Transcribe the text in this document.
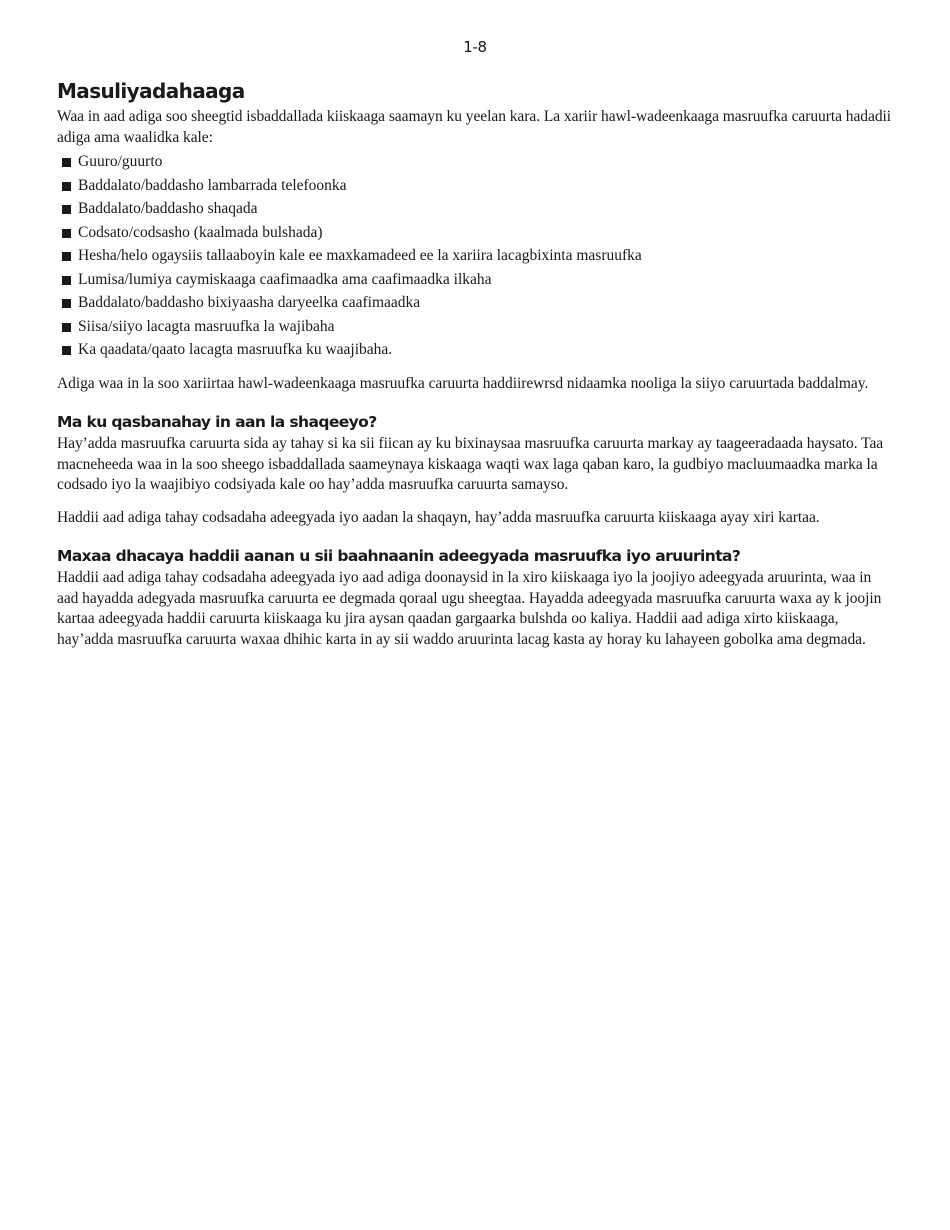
1-8
Masuliyadahaaga

Waa in aad adiga soo sheegtid isbaddallada kiiskaaga saamayn ku yeelan kara. La xariir hawl-wadeenkaaga masruufka caruurta hadadii adiga ama waalidka kale:

Guuro/guurto
Baddalato/baddasho lambarrada telefoonka
Baddalato/baddasho shaqada
Codsato/codsasho (kaalmada bulshada)
Hesha/helo ogaysiis tallaaboyin kale ee maxkamadeed ee la xariira lacagbixinta masruufka
Lumisa/lumiya caymiskaaga caafimaadka ama caafimaadka ilkaha
Baddalato/baddasho bixiyaasha daryeelka caafimaadka
Siisa/siiyo lacagta masruufka la wajibaha
Ka qaadata/qaato lacagta masruufka ku waajibaha.

Adiga waa in la soo xariirtaa hawl-wadeenkaaga masruufka caruurta haddiirewrsd nidaamka nooliga la siiyo caruurtada baddalmay.

Ma ku qasbanahay in aan la shaqeeyo?

Hay’adda masruufka caruurta sida ay tahay si ka sii fiican ay ku bixinaysaa masruufka caruurta markay ay taageeradaada haysato. Taa macneheeda waa in la soo sheego isbaddallada saameynaya kiskaaga waqti wax laga qaban karo, la gudbiyo macluumaadka marka la codsado iyo la waajibiyo codsiyada kale oo hay’adda masruufka caruurta samayso.

Haddii aad adiga tahay codsadaha adeegyada iyo aadan la shaqayn, hay’adda masruufka caruurta kiiskaaga ayay xiri kartaa.

Maxaa dhacaya haddii aanan u sii baahnaanin adeegyada masruufka iyo aruurinta?

Haddii aad adiga tahay codsadaha adeegyada iyo aad adiga doonaysid in la xiro kiiskaaga iyo la joojiyo adeegyada aruurinta, waa in aad hayadda adegyada masruufka caruurta ee degmada qoraal ugu sheegtaa. Hayadda adeegyada masruufka caruurta waxa ay k joojin kartaa adeegyada haddii caruurta kiiskaaga ku jira aysan qaadan gargaarka bulshda oo kaliya. Haddii aad adiga xirto kiiskaaga, hay’adda masruufka caruurta waxaa dhihic karta in ay sii waddo aruurinta lacag kasta ay horay ku lahayeen gobolka ama degmada.
